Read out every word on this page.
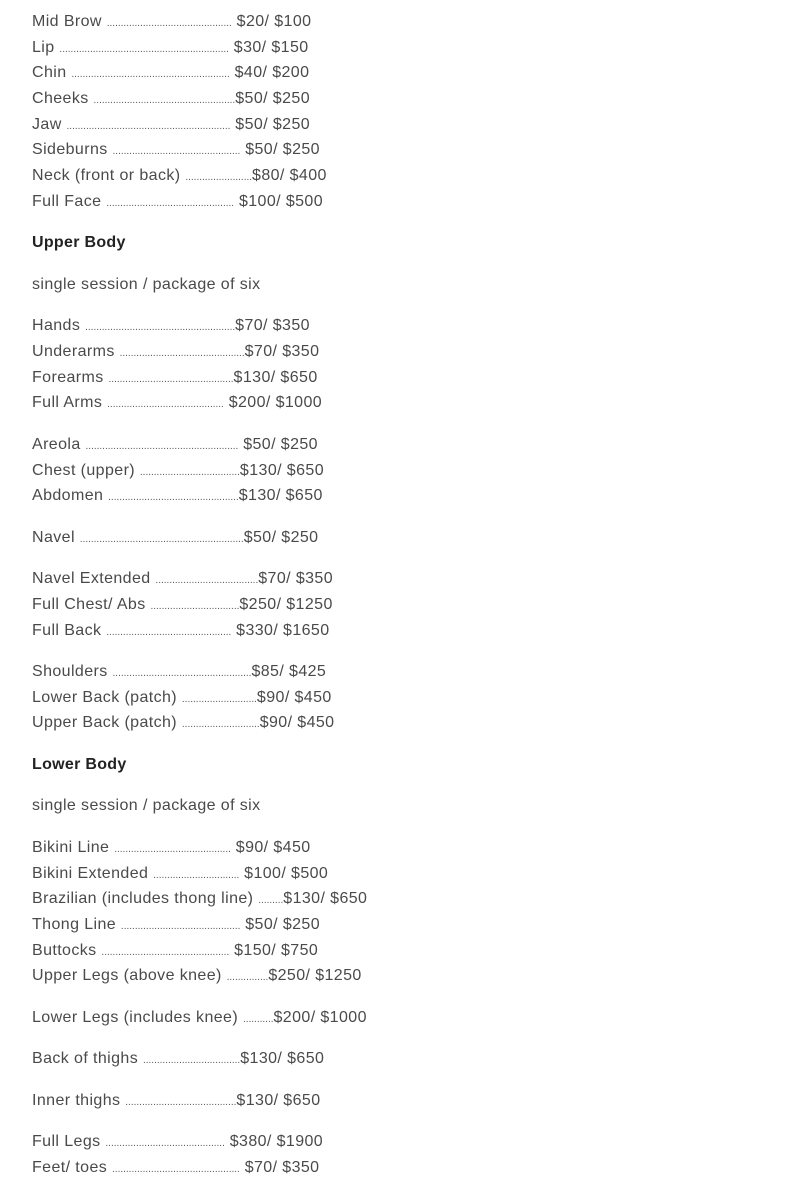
Mid Brow ............................................. $20/ $100
Lip ............................................................. $30/ $150
Chin ......................................................... $40/ $200
Cheeks ...................................................$50/ $250
Jaw ........................................................... $50/ $250
Sideburns .............................................. $50/ $250
Neck (front or back) ........................$80/ $400
Full Face .............................................. $100/ $500
Upper Body
single session / package of six
Hands ......................................................$70/ $350
Underarms .............................................$70/ $350
Forearms .............................................$130/ $650
Full Arms .......................................... $200/ $1000
Areola ....................................................... $50/ $250
Chest (upper) ....................................$130/ $650
Abdomen ...............................................$130/ $650
Navel ...........................................................$50/ $250
Navel Extended .....................................$70/ $350
Full Chest/ Abs ................................$250/ $1250
Full Back ............................................. $330/ $1650
Shoulders ..................................................$85/ $425
Lower Back (patch) ...........................$90/ $450
Upper Back (patch) ............................$90/ $450
Lower Body
single session / package of six
Bikini Line .......................................... $90/ $450
Bikini Extended ............................... $100/ $500
Brazilian (includes thong line) .........$130/ $650
Thong Line ........................................... $50/ $250
Buttocks .............................................. $150/ $750
Upper Legs (above knee) ...............$250/ $1250
Lower Legs (includes knee) ...........$200/ $1000
Back of thighs ...................................$130/ $650
Inner thighs ........................................$130/ $650
Full Legs ........................................... $380/ $1900
Feet/ toes .............................................. $70/ $350
